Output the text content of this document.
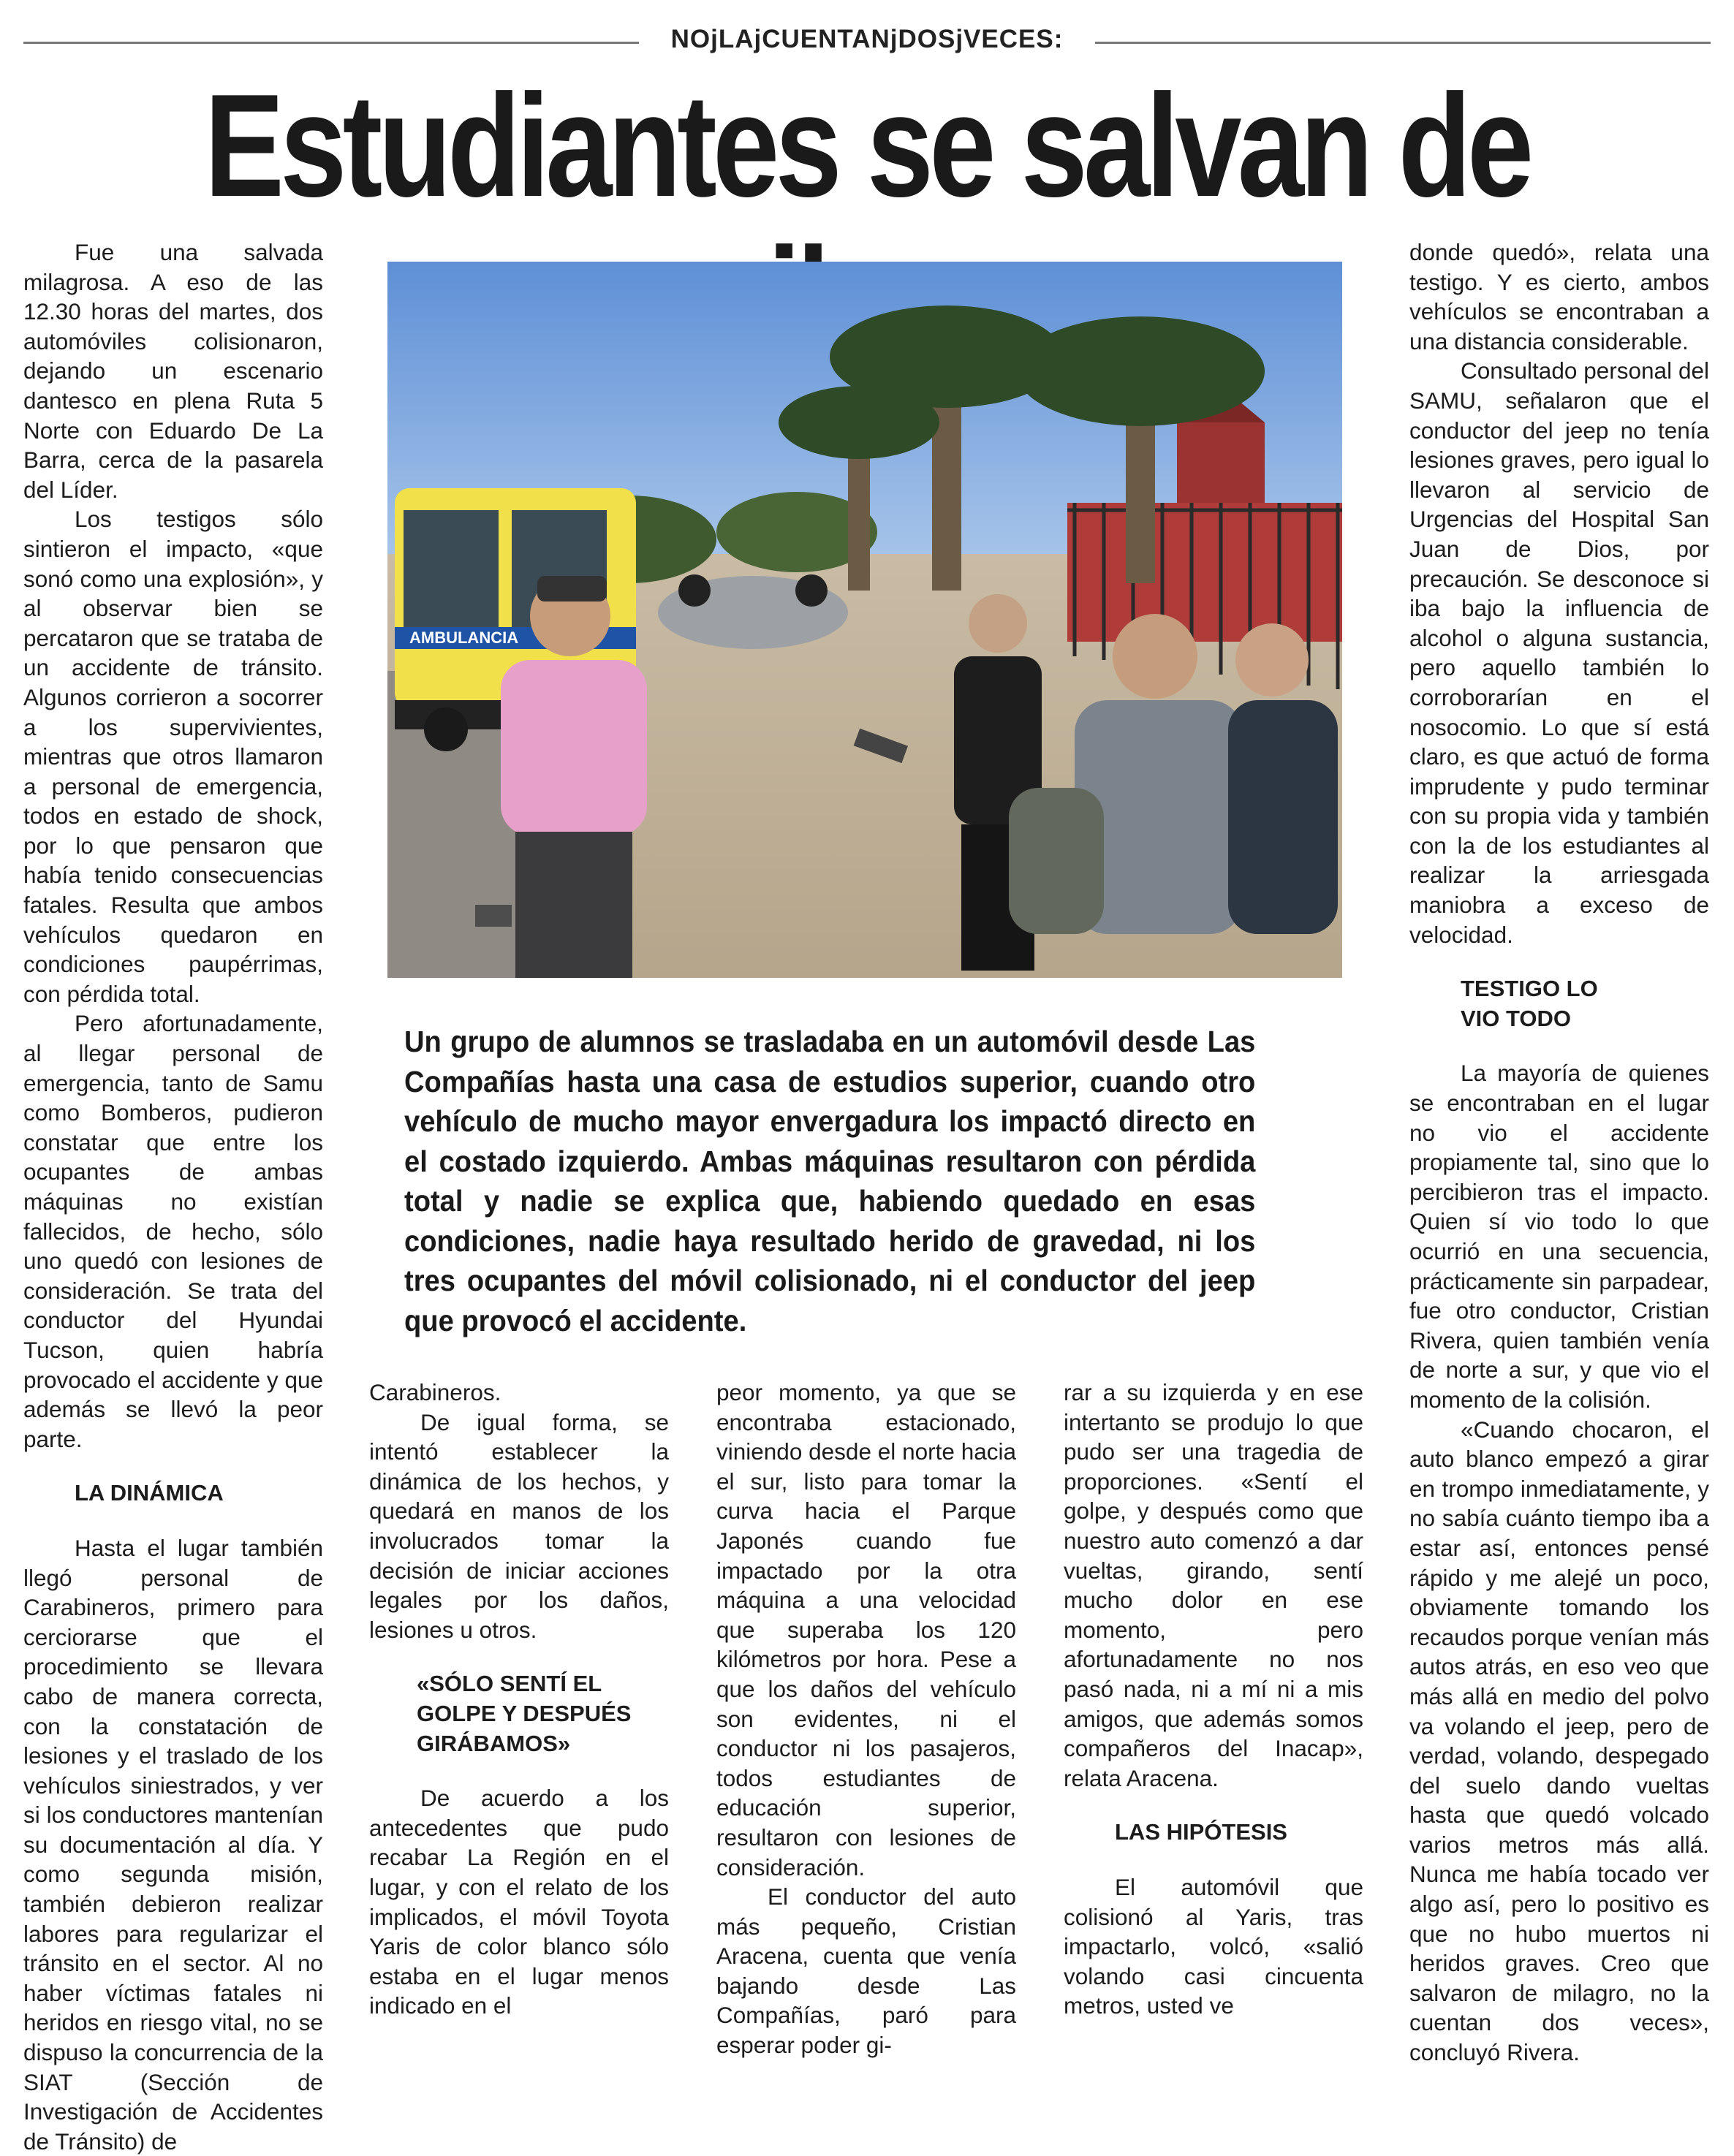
NOjLAjCUENTANjDOSjVECES:
Estudiantes se salvan de

Fue una salvada milagrosa. A eso de las 12.30 horas del martes, dos automóviles colisionaron, dejando un escenario dantesco en plena Ruta 5 Norte con Eduardo De La Barra, cerca de la pasarela del Líder.

Los testigos sólo sintieron el impacto, «que sonó como una explosión», y al observar bien se percataron que se trataba de un accidente de tránsito. Algunos corrieron a socorrer a los supervivientes, mientras que otros llamaron a personal de emergencia, todos en estado de shock, por lo que pensaron que había tenido consecuencias fatales. Resulta que ambos vehículos quedaron en condiciones paupérrimas, con pérdida total.

Pero afortunadamente, al llegar personal de emergencia, tanto de Samu como Bomberos, pudieron constatar que entre los ocupantes de ambas máquinas no existían fallecidos, de hecho, sólo uno quedó con lesiones de consideración. Se trata del conductor del Hyundai Tucson, quien habría provocado el accidente y que además se llevó la peor parte.

LA DINÁMICA

Hasta el lugar también llegó personal de Carabineros, primero para cerciorarse que el procedimiento se llevara cabo de manera correcta, con la constatación de lesiones y el traslado de los vehículos siniestrados, y ver si los conductores mantenían su documentación al día. Y como segunda misión, también debieron realizar labores para regularizar el tránsito en el sector. Al no haber víctimas fatales ni heridos en riesgo vital, no se dispuso la concurrencia de la SIAT (Sección de Investigación de Accidentes de Tránsito) de

AMBULANCIA
Un grupo de alumnos se trasladaba en un automóvil desde Las Compañías hasta una casa de estudios superior, cuando otro vehículo de mucho mayor envergadura los impactó directo en el costado izquierdo. Ambas máquinas resultaron con pérdida total y nadie se explica que, habiendo quedado en esas condiciones, nadie haya resultado herido de gravedad, ni los tres ocupantes del móvil colisionado, ni el conductor del jeep que provocó el accidente.

Carabineros.

De igual forma, se intentó establecer la dinámica de los hechos, y quedará en manos de los involucrados tomar la decisión de iniciar acciones legales por los daños, lesiones u otros.

«SÓLO SENTÍ EL GOLPE Y DESPUÉS GIRÁBAMOS»

De acuerdo a los antecedentes que pudo recabar La Región en el lugar, y con el relato de los implicados, el móvil Toyota Yaris de color blanco sólo estaba en el lugar menos indicado en el

peor momento, ya que se encontraba estacionado, viniendo desde el norte hacia el sur, listo para tomar la curva hacia el Parque Japonés cuando fue impactado por la otra máquina a una velocidad que superaba los 120 kilómetros por hora. Pese a que los daños del vehículo son evidentes, ni el conductor ni los pasajeros, todos estudiantes de educación superior, resultaron con lesiones de consideración.

El conductor del auto más pequeño, Cristian Aracena, cuenta que venía bajando desde Las Compañías, paró para esperar poder gi-

rar a su izquierda y en ese intertanto se produjo lo que pudo ser una tragedia de proporciones. «Sentí el golpe, y después como que nuestro auto comenzó a dar vueltas, girando, sentí mucho dolor en ese momento, pero afortunadamente no nos pasó nada, ni a mí ni a mis amigos, que además somos compañeros del Inacap», relata Aracena.

LAS HIPÓTESIS

El automóvil que colisionó al Yaris, tras impactarlo, volcó, «salió volando casi cincuenta metros, usted ve

donde quedó», relata una testigo. Y es cierto, ambos vehículos se encontraban a una distancia considerable.

Consultado personal del SAMU, señalaron que el conductor del jeep no tenía lesiones graves, pero igual lo llevaron al servicio de Urgencias del Hospital San Juan de Dios, por precaución. Se desconoce si iba bajo la influencia de alcohol o alguna sustancia, pero aquello también lo corroborarían en el nosocomio. Lo que sí está claro, es que actuó de forma imprudente y pudo terminar con su propia vida y también con la de los estudiantes al realizar la arriesgada maniobra a exceso de velocidad.

TESTIGO LO VIO TODO

La mayoría de quienes se encontraban en el lugar no vio el accidente propiamente tal, sino que lo percibieron tras el impacto. Quien sí vio todo lo que ocurrió en una secuencia, prácticamente sin parpadear, fue otro conductor, Cristian Rivera, quien también venía de norte a sur, y que vio el momento de la colisión.

«Cuando chocaron, el auto blanco empezó a girar en trompo inmediatamente, y no sabía cuánto tiempo iba a estar así, entonces pensé rápido y me alejé un poco, obviamente tomando los recaudos porque venían más autos atrás, en eso veo que más allá en medio del polvo va volando el jeep, pero de verdad, volando, despegado del suelo dando vueltas hasta que quedó volcado varios metros más allá. Nunca me había tocado ver algo así, pero lo positivo es que no hubo muertos ni heridos graves. Creo que salvaron de milagro, no la cuentan dos veces», concluyó Rivera.
